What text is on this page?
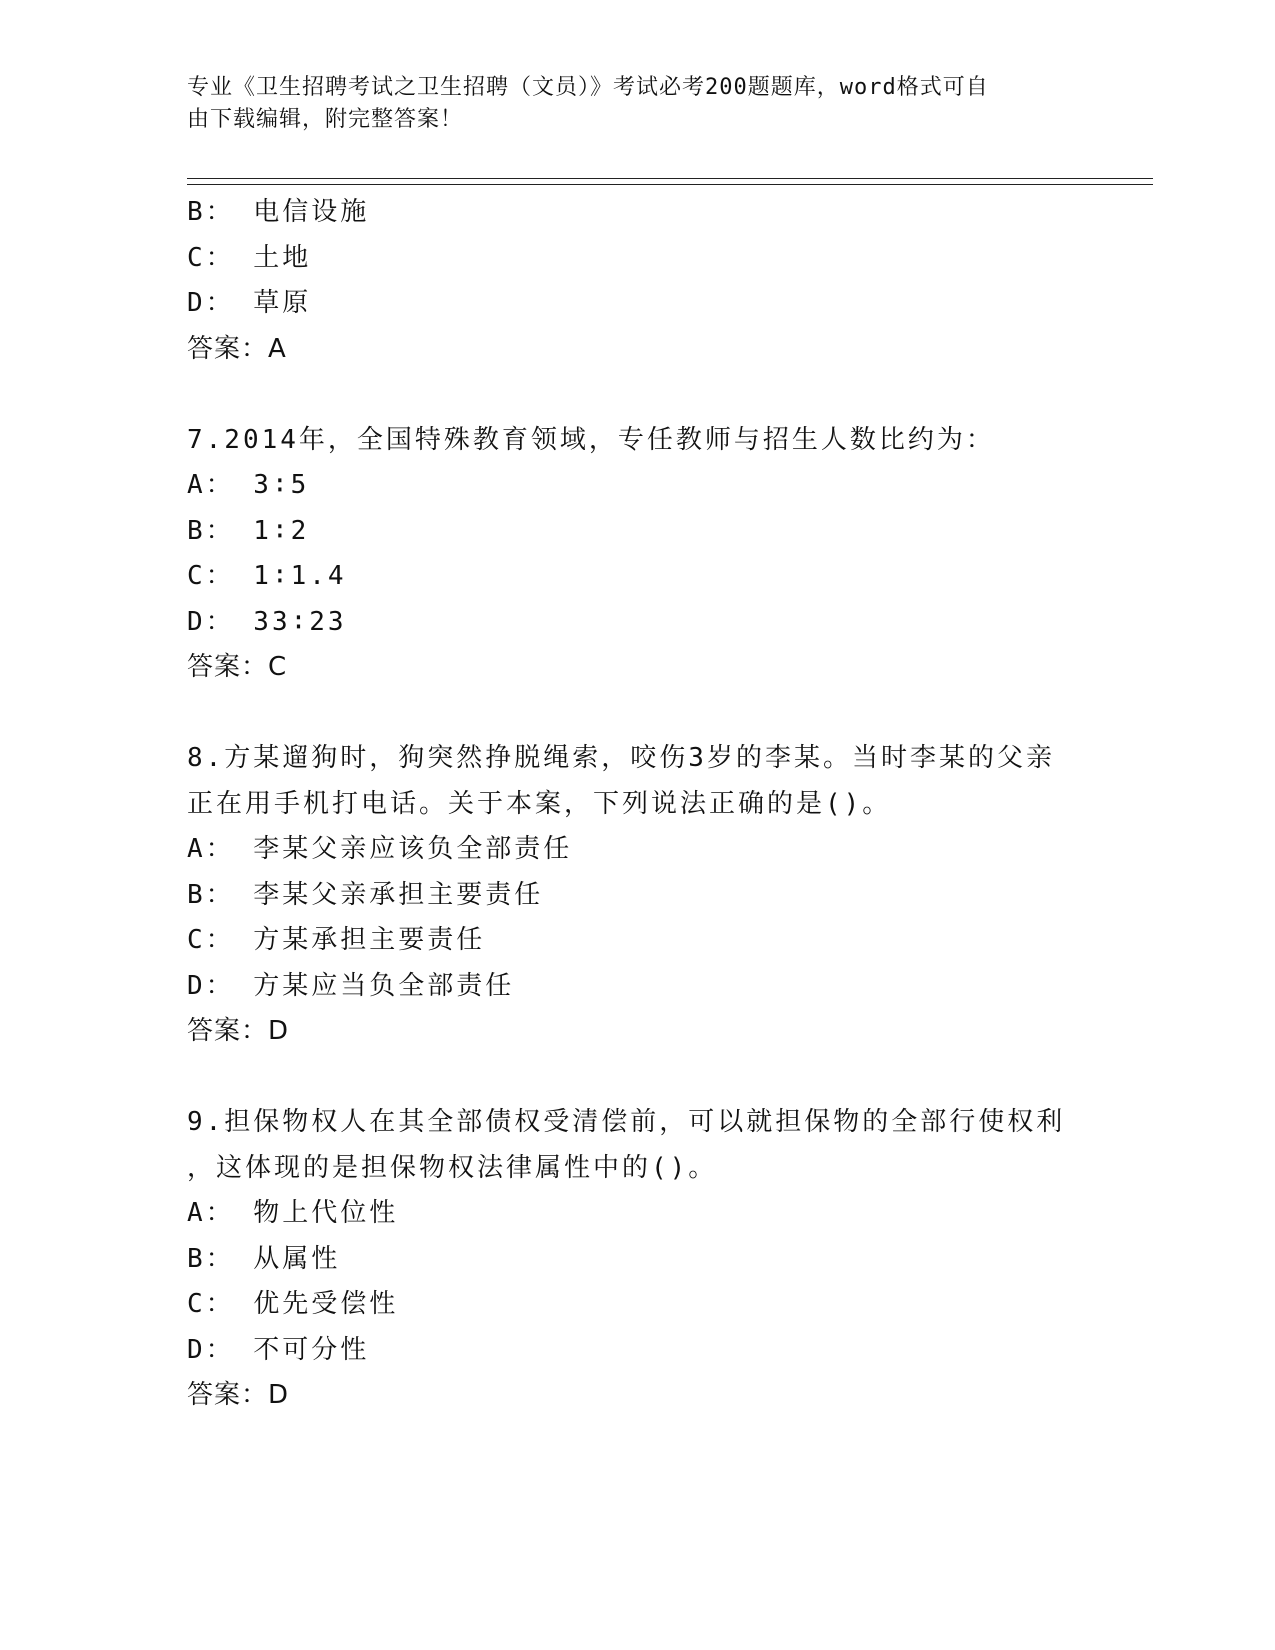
专业《卫生招聘考试之卫生招聘（文员）》考试必考200题题库，word格式可自
由下载编辑，附完整答案！
B： 电信设施
C： 土地
D： 草原
答案：A
7.2014年，全国特殊教育领域，专任教师与招生人数比约为：
A： 3∶5
B： 1∶2
C： 1∶1.4
D： 33∶23
答案：C
8.方某遛狗时，狗突然挣脱绳索，咬伤3岁的李某。当时李某的父亲
正在用手机打电话。关于本案，下列说法正确的是()。
A： 李某父亲应该负全部责任
B： 李某父亲承担主要责任
C： 方某承担主要责任
D： 方某应当负全部责任
答案：D
9.担保物权人在其全部债权受清偿前，可以就担保物的全部行使权利
，这体现的是担保物权法律属性中的()。
A： 物上代位性
B： 从属性
C： 优先受偿性
D： 不可分性
答案：D
